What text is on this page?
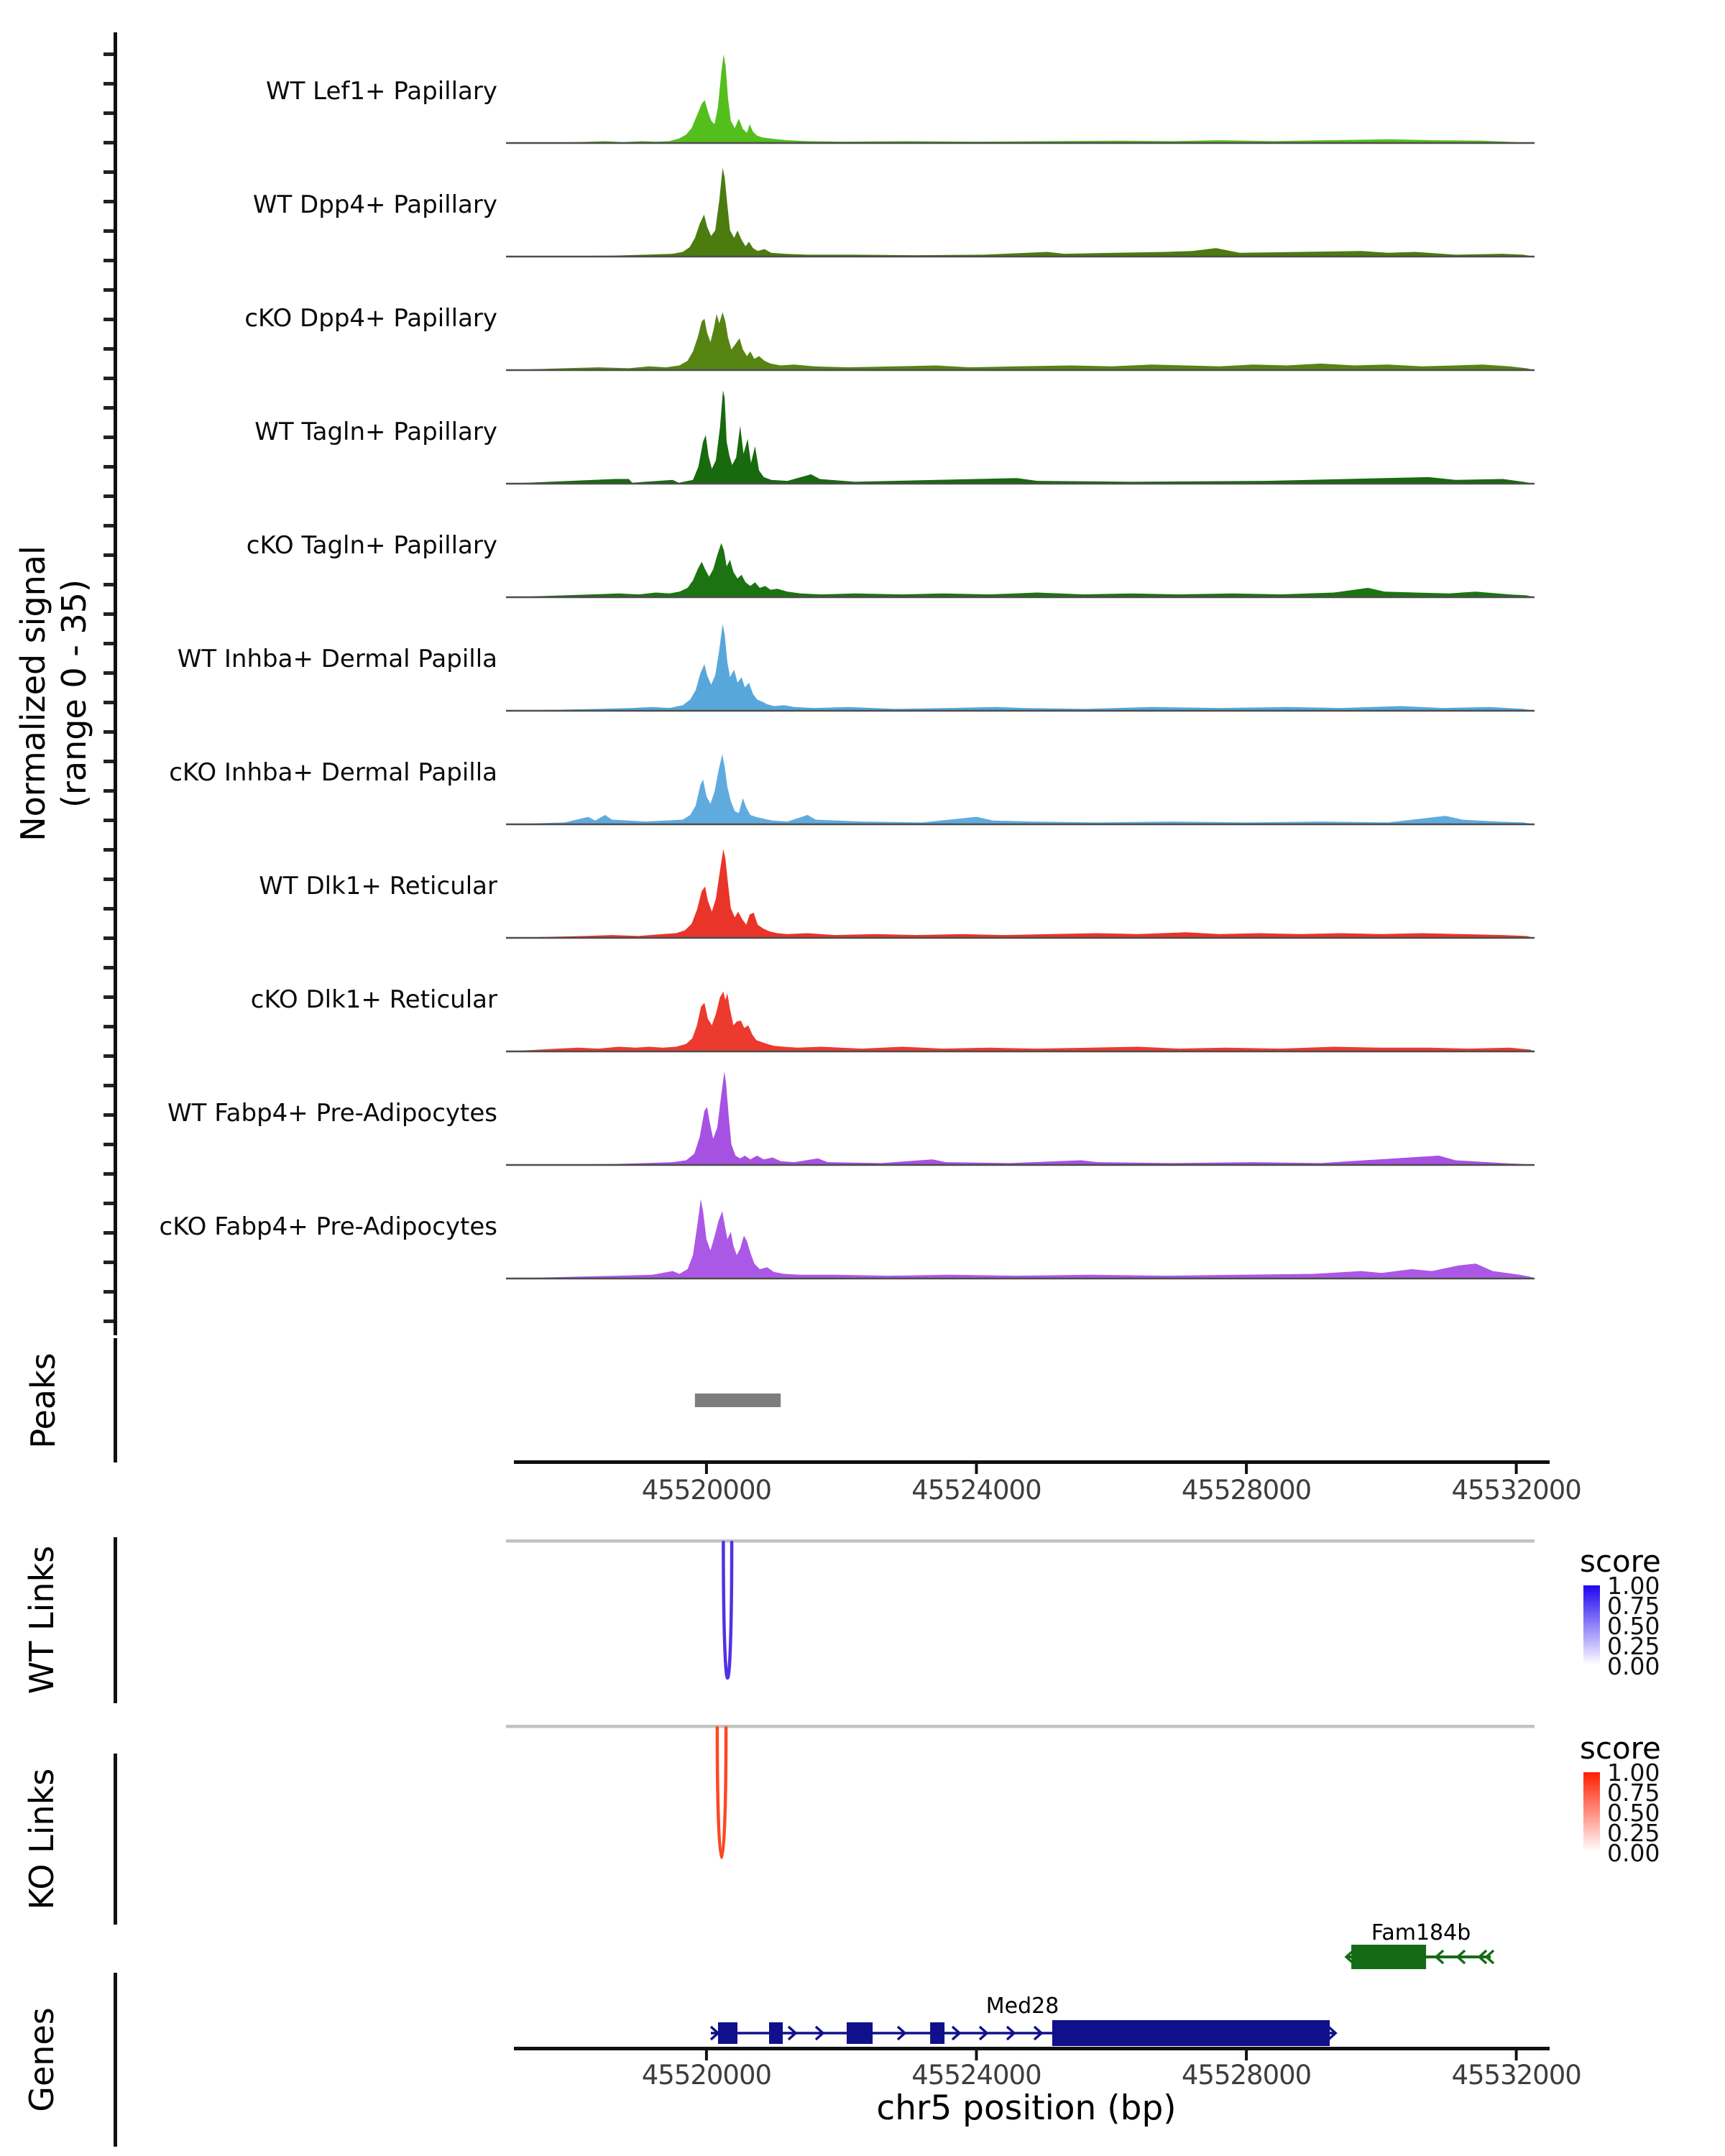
Normalized signal (range 0 - 35)
Peaks
WT Links
KO Links
Genes
WT Lef1+ Papillary
WT Dpp4+ Papillary
cKO Dpp4+ Papillary
WT Tagln+ Papillary
cKO Tagln+ Papillary
WT Inhba+ Dermal Papilla
cKO Inhba+ Dermal Papilla
WT Dlk1+ Reticular
cKO Dlk1+ Reticular
WT Fabp4+ Pre-Adipocytes
cKO Fabp4+ Pre-Adipocytes
45520000	45524000	45528000	45532000
45520000	45524000	45528000	45532000
1.00
0.75
0.50
0.25
0.00
1.00
0.75
0.50
0.25
0.00
Fam184b
Med28
score
score
chr5 position (bp)
